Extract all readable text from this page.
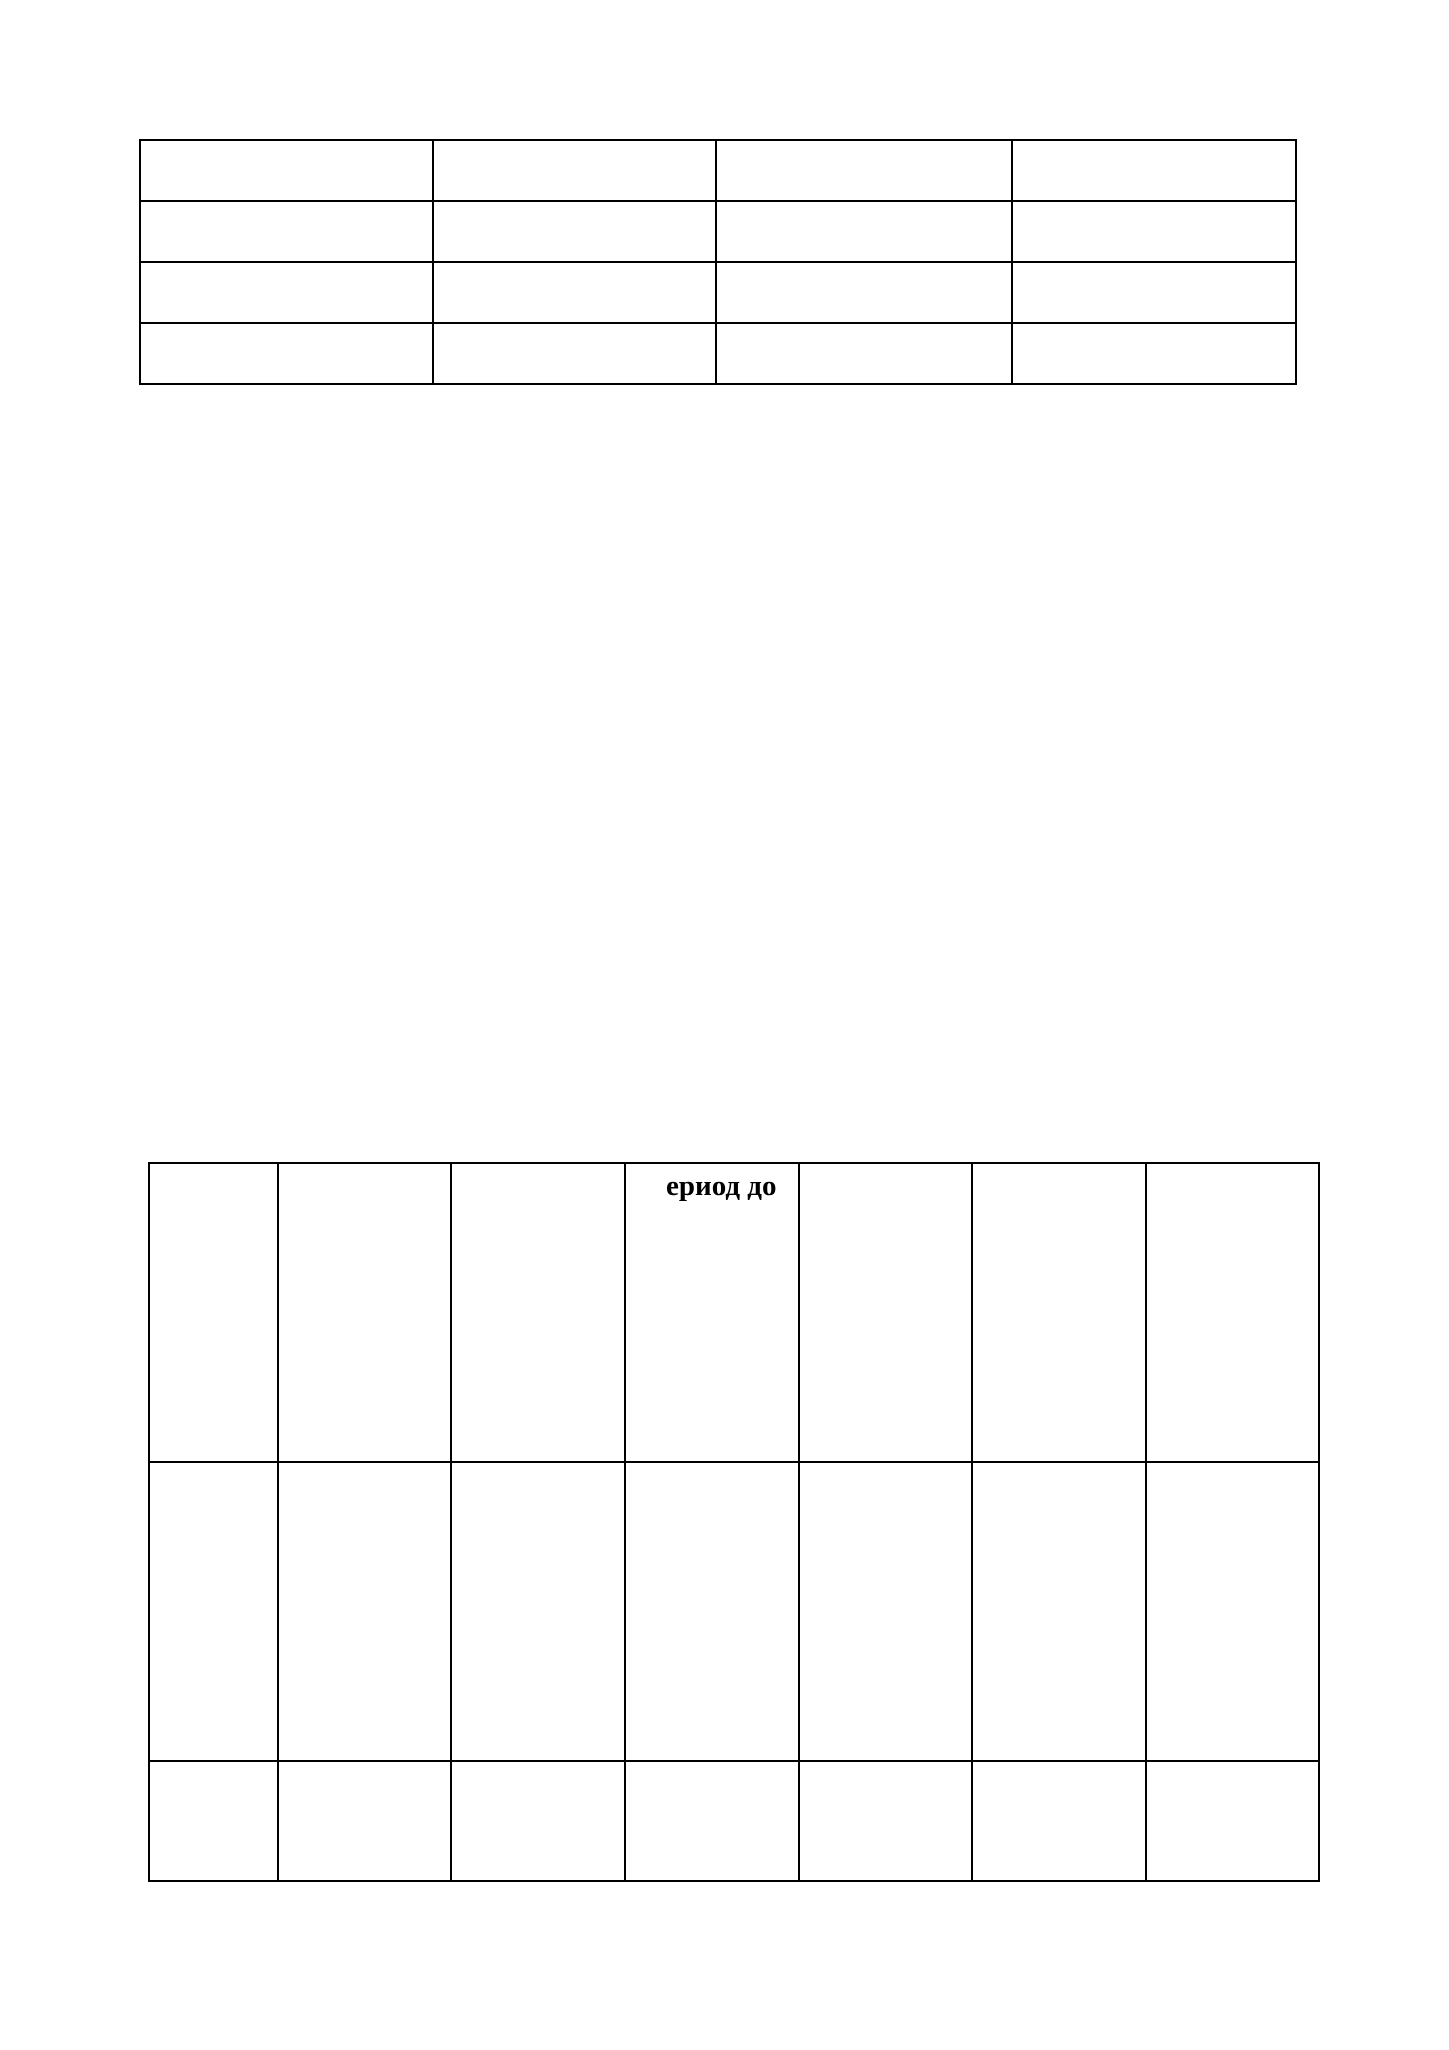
			ериод до			
